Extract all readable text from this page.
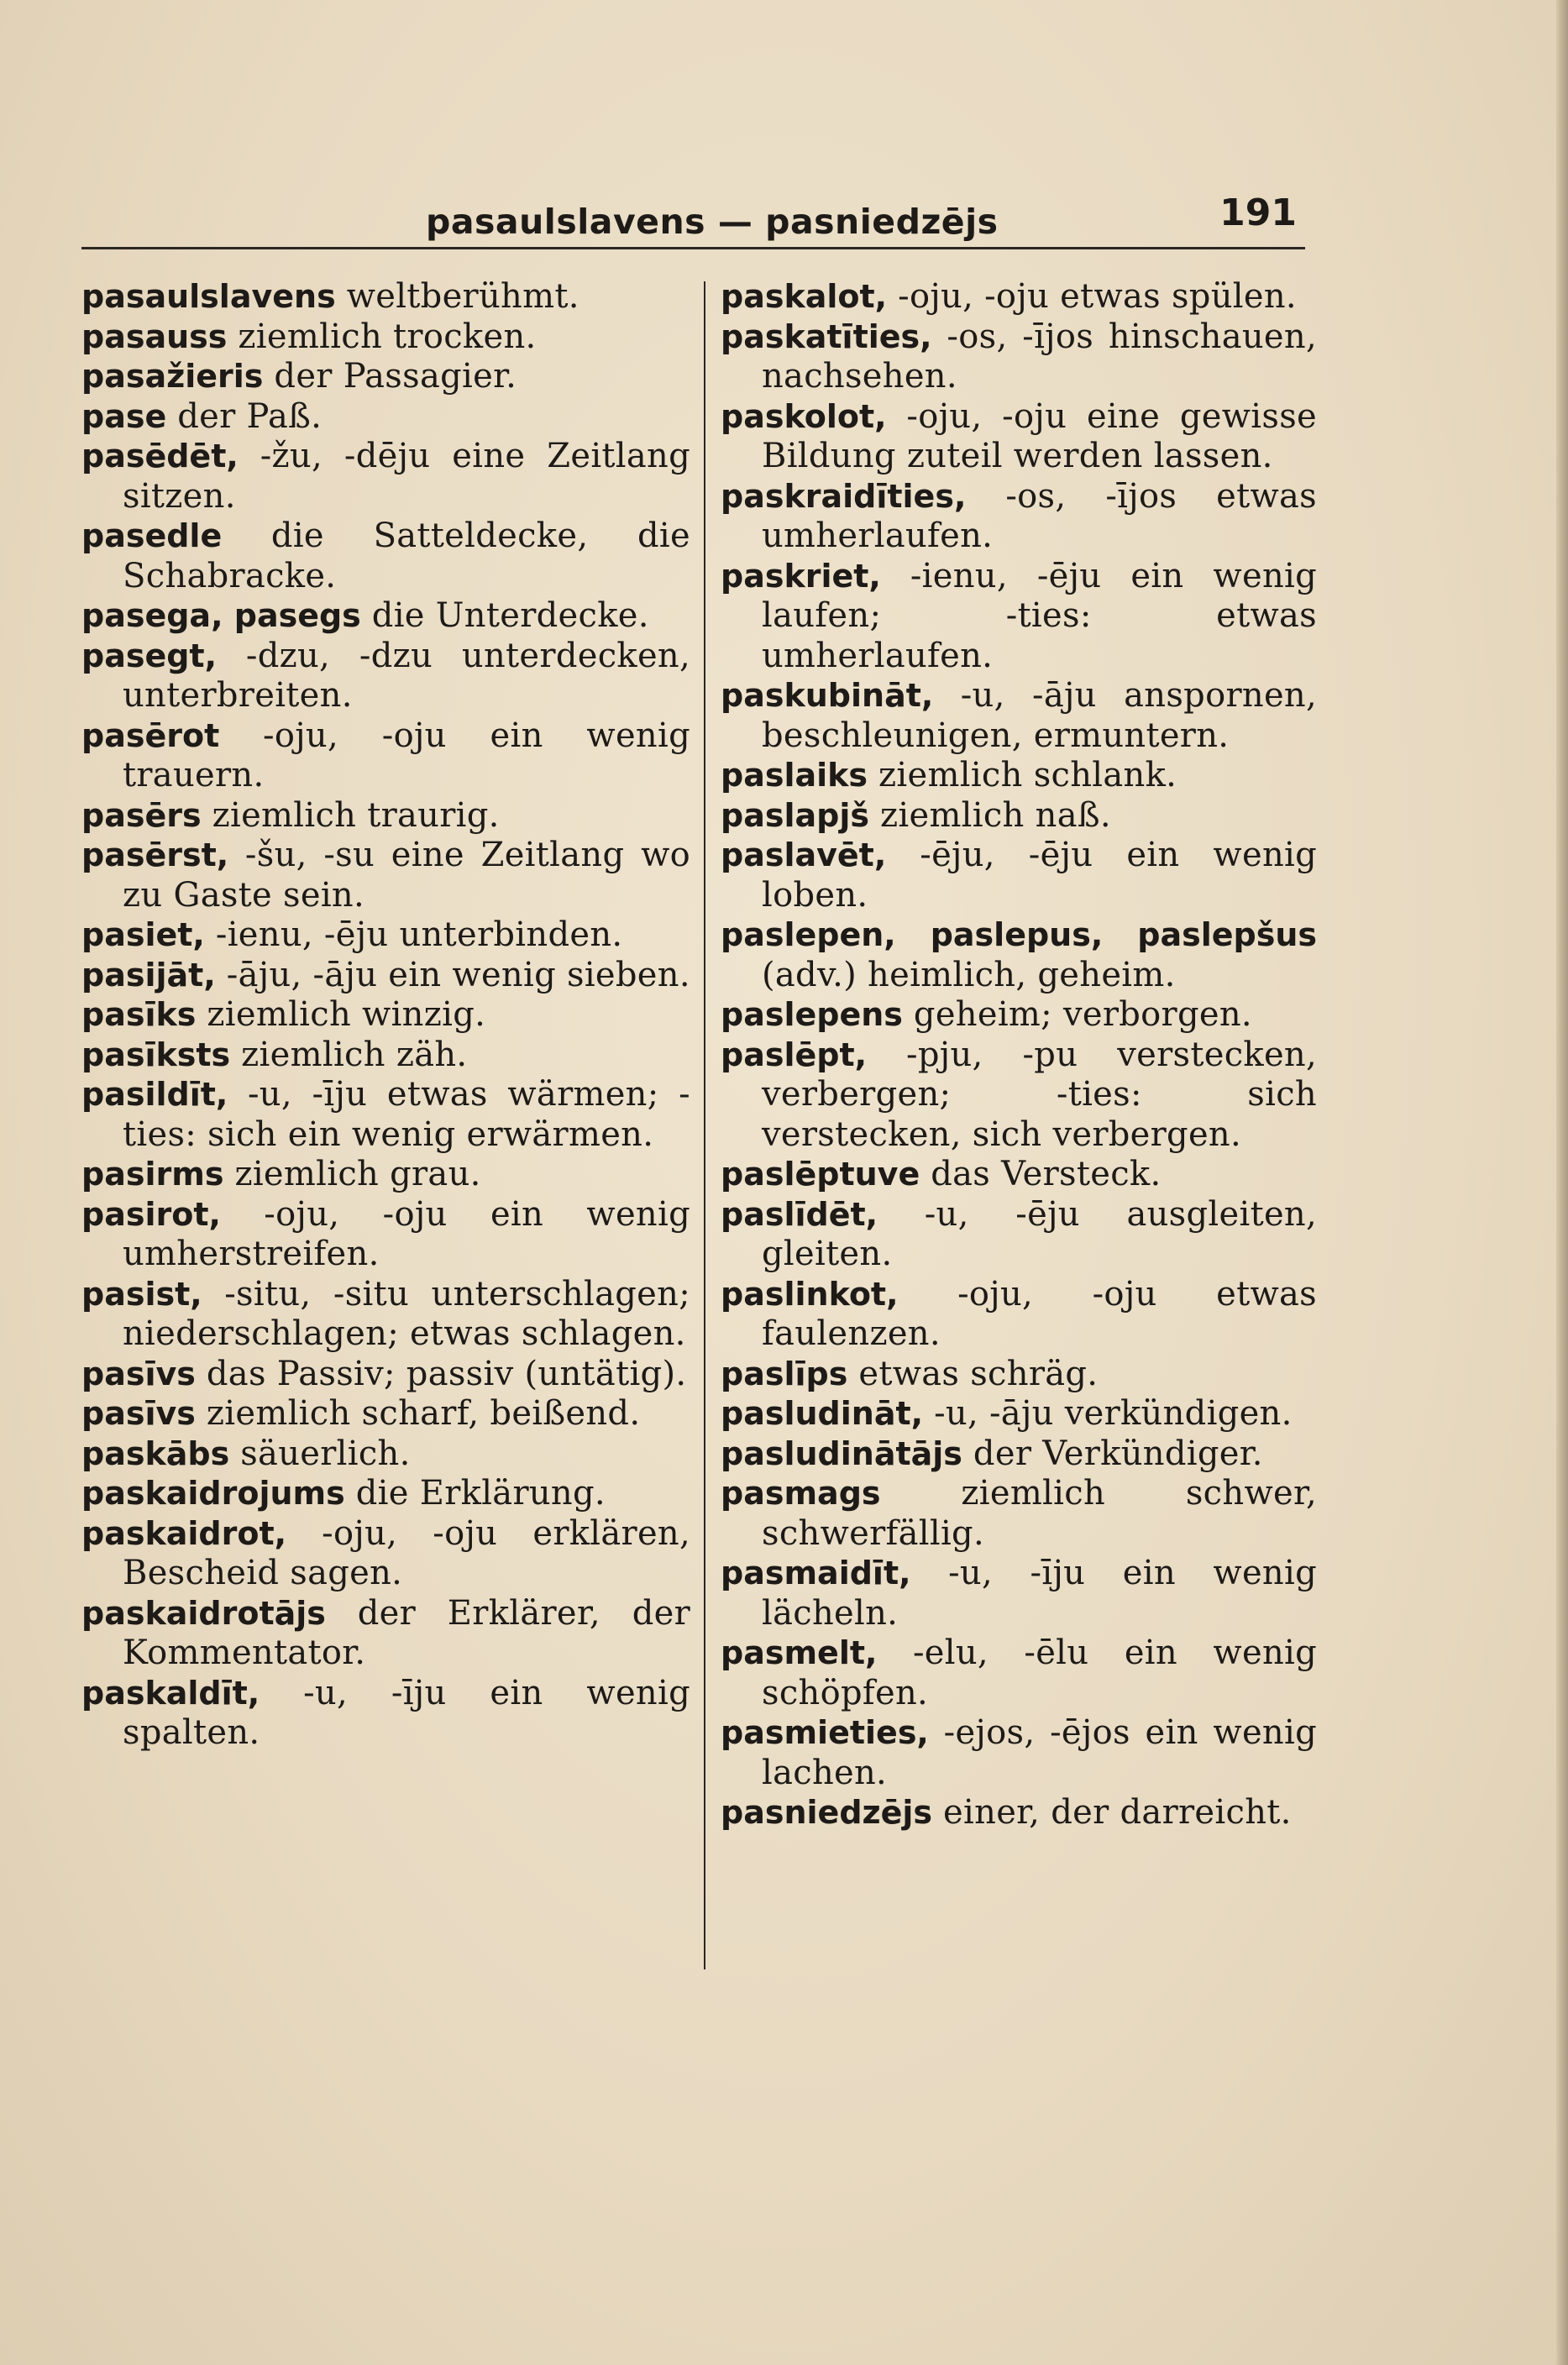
pasaulslavens — pasniedzējs	191
pasaulslavens weltberühmt.
pasauss ziemlich trocken.
pasažieris der Passagier.
pase der Paß.
pasēdēt, -žu, -dēju eine Zeitlang sitzen.
pasedle die Satteldecke, die Schabracke.
pasega, pasegs die Unterdecke.
pasegt, -dzu, -dzu unterdecken, unterbreiten.
pasērot -oju, -oju ein wenig trauern.
pasērs ziemlich traurig.
pasērst, -šu, -su eine Zeitlang wo zu Gaste sein.
pasiet, -ienu, -ēju unterbinden.
pasijāt, -āju, -āju ein wenig sieben.
pasīks ziemlich winzig.
pasīksts ziemlich zäh.
pasildīt, -u, -īju etwas wärmen; -ties: sich ein wenig erwärmen.
pasirms ziemlich grau.
pasirot, -oju, -oju ein wenig umherstreifen.
pasist, -situ, -situ unterschlagen; niederschlagen; etwas schlagen.
pasīvs das Passiv; passiv (untätig).
pasīvs ziemlich scharf, beißend.
paskābs säuerlich.
paskaidrojums die Erklärung.
paskaidrot, -oju, -oju erklären, Bescheid sagen.
paskaidrotājs der Erklärer, der Kommentator.
paskaldīt, -u, -īju ein wenig spalten.
paskalot, -oju, -oju etwas spülen.
paskatīties, -os, -ījos hinschauen, nachsehen.
paskolot, -oju, -oju eine gewisse Bildung zuteil werden lassen.
paskraidīties, -os, -ījos etwas umherlaufen.
paskriet, -ienu, -ēju ein wenig laufen; -ties: etwas umherlaufen.
paskubināt, -u, -āju anspornen, beschleunigen, ermuntern.
paslaiks ziemlich schlank.
paslapjš ziemlich naß.
paslavēt, -ēju, -ēju ein wenig loben.
paslepen, paslepus, paslepšus (adv.) heimlich, geheim.
paslepens geheim; verborgen.
paslēpt, -pju, -pu verstecken, verbergen; -ties: sich verstecken, sich verbergen.
paslēptuve das Versteck.
paslīdēt, -u, -ēju ausgleiten, gleiten.
paslinkot, -oju, -oju etwas faulenzen.
paslīps etwas schräg.
pasludināt, -u, -āju verkündigen.
pasludinātājs der Verkündiger.
pasmags ziemlich schwer, schwerfällig.
pasmaidīt, -u, -īju ein wenig lächeln.
pasmelt, -elu, -ēlu ein wenig schöpfen.
pasmieties, -ejos, -ējos ein wenig lachen.
pasniedzējs einer, der darreicht.
